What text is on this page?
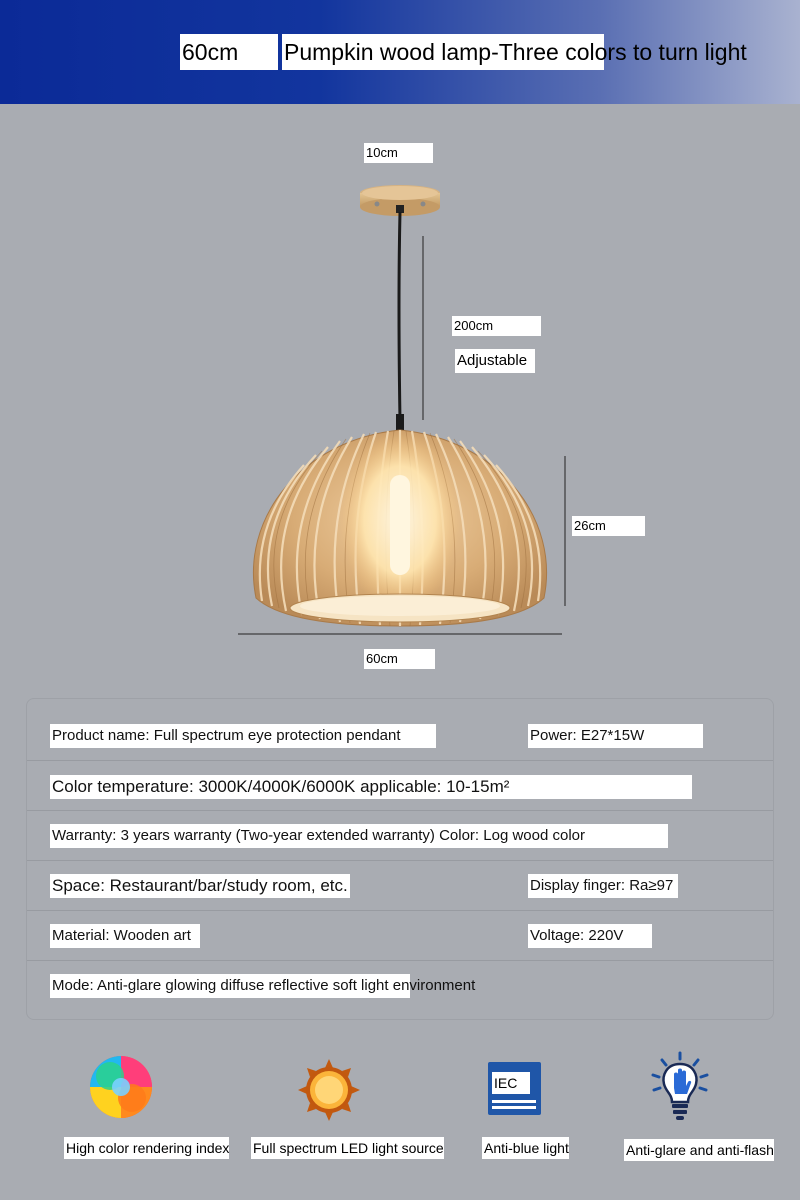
60cm	Pumpkin wood lamp-Three colors to turn light
10cm
200cm
Adjustable
26cm
60cm
Product name: Full spectrum eye protection pendant	Power: E27*15W
Color temperature: 3000K/4000K/6000K applicable: 10-15m²
Warranty: 3 years warranty (Two-year extended warranty) Color: Log wood color
Space: Restaurant/bar/study room, etc.	Display finger: Ra≥97
Material: Wooden art	Voltage: 220V
Mode: Anti-glare glowing diffuse reflective soft light environment
High color rendering index Full spectrum LED light source
IEC
Anti-blue light	Anti-glare and anti-flash
